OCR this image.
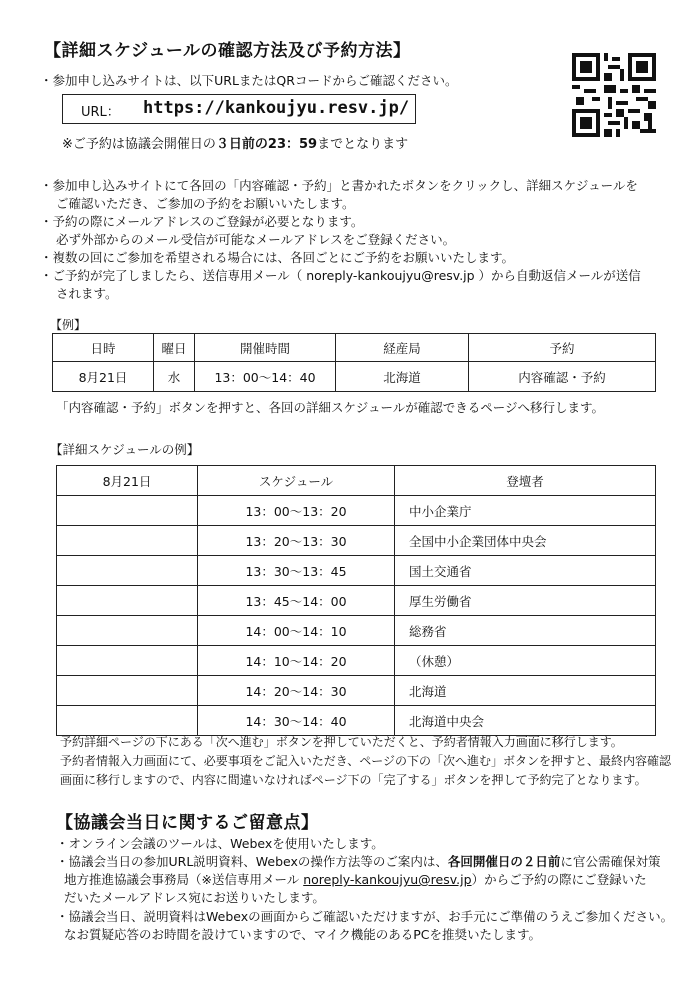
【詳細スケジュールの確認方法及び予約方法】
・参加申し込みサイトは、以下URLまたはQRコードからご確認ください。
URL： https://kankoujyu.resv.jp/
※ご予約は協議会開催日の３日前の23：59までとなります
・参加申し込みサイトにて各回の「内容確認・予約」と書かれたボタンをクリックし、詳細スケジュールを
ご確認いただき、ご参加の予約をお願いいたします。
・予約の際にメールアドレスのご登録が必要となります。
必ず外部からのメール受信が可能なメールアドレスをご登録ください。
・複数の回にご参加を希望される場合には、各回ごとにご予約をお願いいたします。
・ご予約が完了しましたら、送信専用メール（ noreply-kankoujyu@resv.jp ）から自動返信メールが送信
されます。
【例】
日時	曜日	開催時間	経産局	予約
8月21日	水	13：00～14：40	北海道	内容確認・予約
「内容確認・予約」ボタンを押すと、各回の詳細スケジュールが確認できるページへ移行します。
【詳細スケジュールの例】
8月21日	スケジュール	登壇者
	13：00～13：20	中小企業庁
	13：20～13：30	全国中小企業団体中央会
	13：30～13：45	国土交通省
	13：45～14：00	厚生労働省
	14：00～14：10	総務省
	14：10～14：20	（休憩）
	14：20～14：30	北海道
	14：30～14：40	北海道中央会
予約詳細ページの下にある「次へ進む」ボタンを押していただくと、予約者情報入力画面に移行します。
予約者情報入力画面にて、必要事項をご記入いただき、ページの下の「次へ進む」ボタンを押すと、最終内容確認
画面に移行しますので、内容に間違いなければページ下の「完了する」ボタンを押して予約完了となります。
【協議会当日に関するご留意点】
・オンライン会議のツールは、Webexを使用いたします。
・協議会当日の参加URL説明資料、Webexの操作方法等のご案内は、各回開催日の２日前に官公需確保対策
地方推進協議会事務局（※送信専用メール noreply-kankoujyu@resv.jp）からご予約の際にご登録いた
だいたメールアドレス宛にお送りいたします。
・協議会当日、説明資料はWebexの画面からご確認いただけますが、お手元にご準備のうえご参加ください。
なお質疑応答のお時間を設けていますので、マイク機能のあるPCを推奨いたします。
